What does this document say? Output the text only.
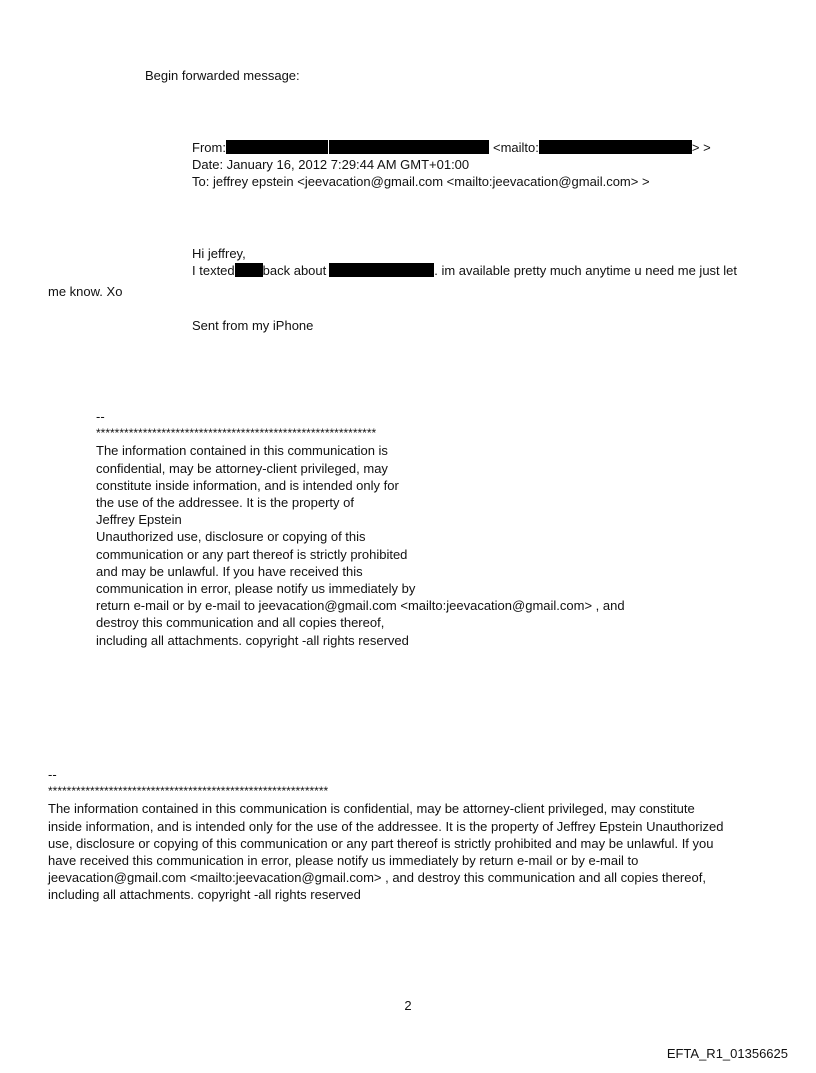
Begin forwarded message:
From:	<mailto:	> >
Date: January 16, 2012 7:29:44 AM GMT+01:00
To: jeffrey epstein <jeevacation@gmail.com <mailto:jeevacation@gmail.com> >
Hi jeffrey,
I texted back about	. im available pretty much anytime u need me just let
me know. Xo
Sent from my iPhone
--
************************************************************
The information contained in this communication is
confidential, may be attorney-client privileged, may
constitute inside information, and is intended only for
the use of the addressee. It is the property of
Jeffrey Epstein
Unauthorized use, disclosure or copying of this
communication or any part thereof is strictly prohibited
and may be unlawful. If you have received this
communication in error, please notify us immediately by
return e-mail or by e-mail to jeevacation@gmail.com <mailto:jeevacation@gmail.com> , and
destroy this communication and all copies thereof,
including all attachments. copyright -all rights reserved
--
************************************************************
The information contained in this communication is confidential, may be attorney-client privileged, may constitute
inside information, and is intended only for the use of the addressee. It is the property of Jeffrey Epstein Unauthorized
use, disclosure or copying of this communication or any part thereof is strictly prohibited and may be unlawful. If you
have received this communication in error, please notify us immediately by return e-mail or by e-mail to
jeevacation@gmail.com <mailto:jeevacation@gmail.com> , and destroy this communication and all copies thereof,
including all attachments. copyright -all rights reserved
2
EFTA_R1_01356625
